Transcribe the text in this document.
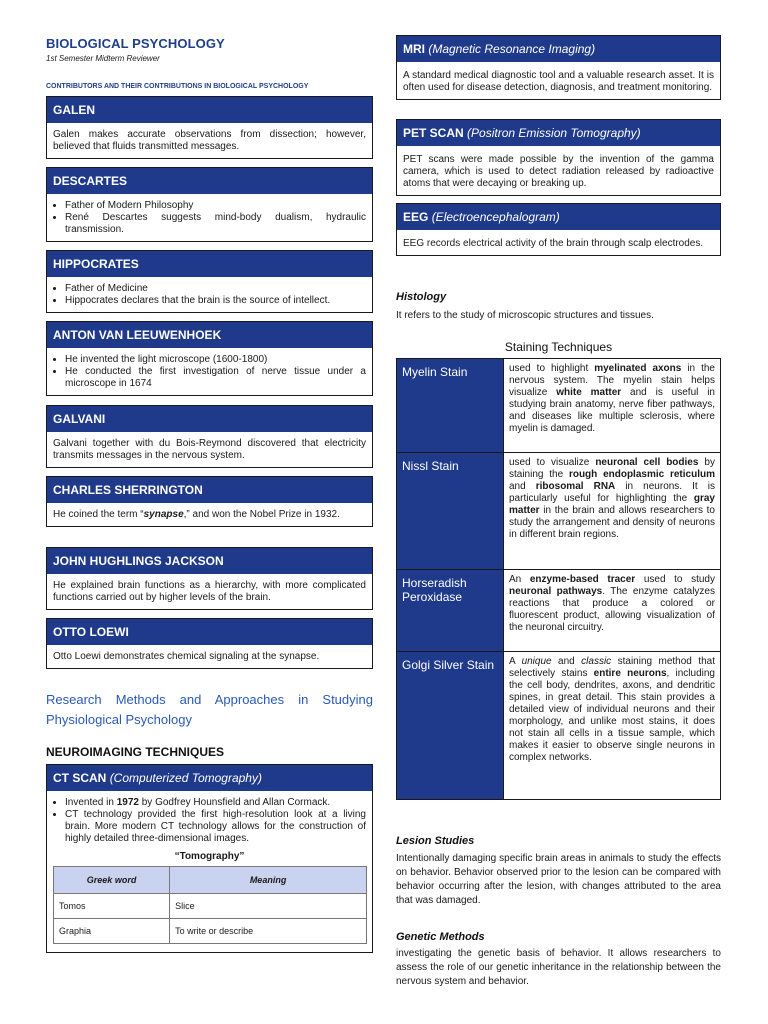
BIOLOGICAL PSYCHOLOGY
1st Semester Midterm Reviewer
CONTRIBUTORS AND THEIR CONTRIBUTIONS IN BIOLOGICAL PSYCHOLOGY
GALEN
Galen makes accurate observations from dissection; however, believed that fluids transmitted messages.
DESCARTES
• Father of Modern Philosophy
• René Descartes suggests mind-body dualism, hydraulic transmission.
HIPPOCRATES
• Father of Medicine
• Hippocrates declares that the brain is the source of intellect.
ANTON VAN LEEUWENHOEK
• He invented the light microscope (1600-1800)
• He conducted the first investigation of nerve tissue under a microscope in 1674
GALVANI
Galvani together with du Bois-Reymond discovered that electricity transmits messages in the nervous system.
CHARLES SHERRINGTON
He coined the term “synapse,” and won the Nobel Prize in 1932.
JOHN HUGHLINGS JACKSON
He explained brain functions as a hierarchy, with more complicated functions carried out by higher levels of the brain.
OTTO LOEWI
Otto Loewi demonstrates chemical signaling at the synapse.
Research Methods and Approaches in Studying Physiological Psychology
NEUROIMAGING TECHNIQUES
CT SCAN (Computerized Tomography)
• Invented in 1972 by Godfrey Hounsfield and Allan Cormack.
• CT technology provided the first high-resolution look at a living brain. More modern CT technology allows for the construction of highly detailed three-dimensional images.
“Tomography”
Greek word	Meaning
Tomos	Slice
Graphia	To write or describe
MRI (Magnetic Resonance Imaging)
A standard medical diagnostic tool and a valuable research asset. It is often used for disease detection, diagnosis, and treatment monitoring.
PET SCAN (Positron Emission Tomography)
PET scans were made possible by the invention of the gamma camera, which is used to detect radiation released by radioactive atoms that were decaying or breaking up.
EEG (Electroencephalogram)
EEG records electrical activity of the brain through scalp electrodes.
Histology
It refers to the study of microscopic structures and tissues.
Staining Techniques
Myelin Stain	used to highlight myelinated axons in the nervous system. The myelin stain helps visualize white matter and is useful in studying brain anatomy, nerve fiber pathways, and diseases like multiple sclerosis, where myelin is damaged.
Nissl Stain	used to visualize neuronal cell bodies by staining the rough endoplasmic reticulum and ribosomal RNA in neurons. It is particularly useful for highlighting the gray matter in the brain and allows researchers to study the arrangement and density of neurons in different brain regions.
Horseradish Peroxidase	An enzyme-based tracer used to study neuronal pathways. The enzyme catalyzes reactions that produce a colored or fluorescent product, allowing visualization of the neuronal circuitry.
Golgi Silver Stain	A unique and classic staining method that selectively stains entire neurons, including the cell body, dendrites, axons, and dendritic spines, in great detail. This stain provides a detailed view of individual neurons and their morphology, and unlike most stains, it does not stain all cells in a tissue sample, which makes it easier to observe single neurons in complex networks.
Lesion Studies
Intentionally damaging specific brain areas in animals to study the effects on behavior. Behavior observed prior to the lesion can be compared with behavior occurring after the lesion, with changes attributed to the area that was damaged.
Genetic Methods
investigating the genetic basis of behavior. It allows researchers to assess the role of our genetic inheritance in the relationship between the nervous system and behavior.
